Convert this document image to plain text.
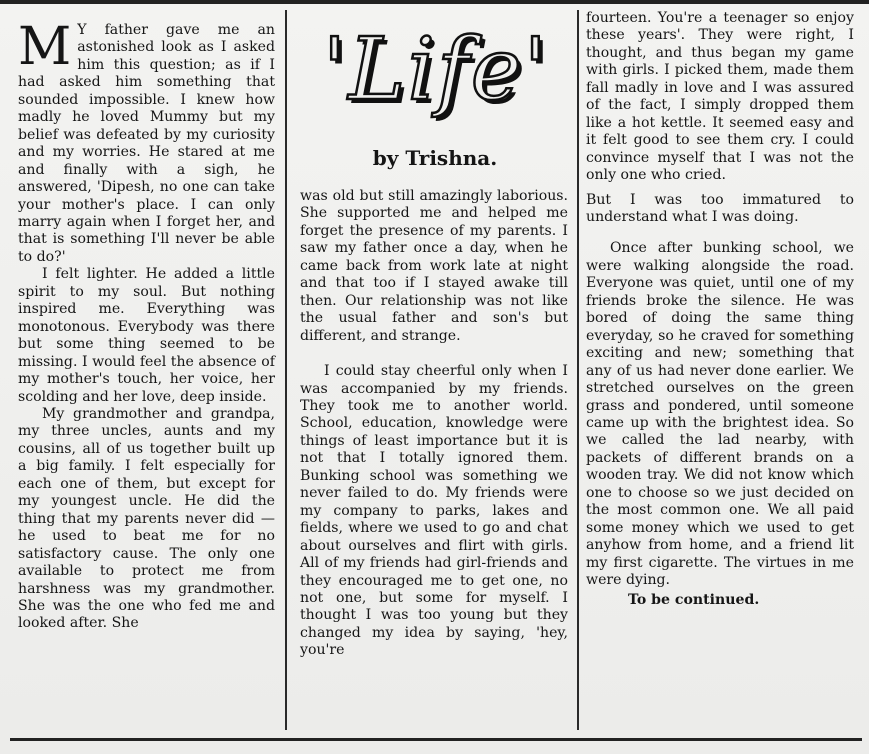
M Y father gave me an astonished look as I asked him this question; as if I had asked him something that sounded impossible. I knew how madly he loved Mummy but my belief was defeated by my curiosity and my worries. He stared at me and finally with a sigh, he answered, 'Dipesh, no one can take your mother's place. I can only marry again when I forget her, and that is something I'll never be able to do?'

I felt lighter. He added a little spirit to my soul. But nothing inspired me. Everything was monotonous. Everybody was there but some thing seemed to be missing. I would feel the absence of my mother's touch, her voice, her scolding and her love, deep inside.

My grandmother and grandpa, my three uncles, aunts and my cousins, all of us together built up a big family. I felt especially for each one of them, but except for my youngest uncle. He did the thing that my parents never did — he used to beat me for no satisfactory cause. The only one available to protect me from harshness was my grandmother. She was the one who fed me and looked after. She

'Life'
by Trishna.

was old but still amazingly laborious. She supported me and helped me forget the presence of my parents. I saw my father once a day, when he came back from work late at night and that too if I stayed awake till then. Our relationship was not like the usual father and son's but different, and strange.

I could stay cheerful only when I was accompanied by my friends. They took me to another world. School, education, knowledge were things of least importance but it is not that I totally ignored them. Bunking school was something we never failed to do. My friends were my company to parks, lakes and fields, where we used to go and chat about ourselves and flirt with girls. All of my friends had girl-friends and they encouraged me to get one, no not one, but some for myself. I thought I was too young but they changed my idea by saying, 'hey, you're

fourteen. You're a teenager so enjoy these years'. They were right, I thought, and thus began my game with girls. I picked them, made them fall madly in love and I was assured of the fact, I simply dropped them like a hot kettle. It seemed easy and it felt good to see them cry. I could convince myself that I was not the only one who cried.

But I was too immatured to understand what I was doing.

Once after bunking school, we were walking alongside the road. Everyone was quiet, until one of my friends broke the silence. He was bored of doing the same thing everyday, so he craved for something exciting and new; something that any of us had never done earlier. We stretched ourselves on the green grass and pondered, until someone came up with the brightest idea. So we called the lad nearby, with packets of different brands on a wooden tray. We did not know which one to choose so we just decided on the most common one. We all paid some money which we used to get anyhow from home, and a friend lit my first cigarette. The virtues in me were dying.

To be continued.
